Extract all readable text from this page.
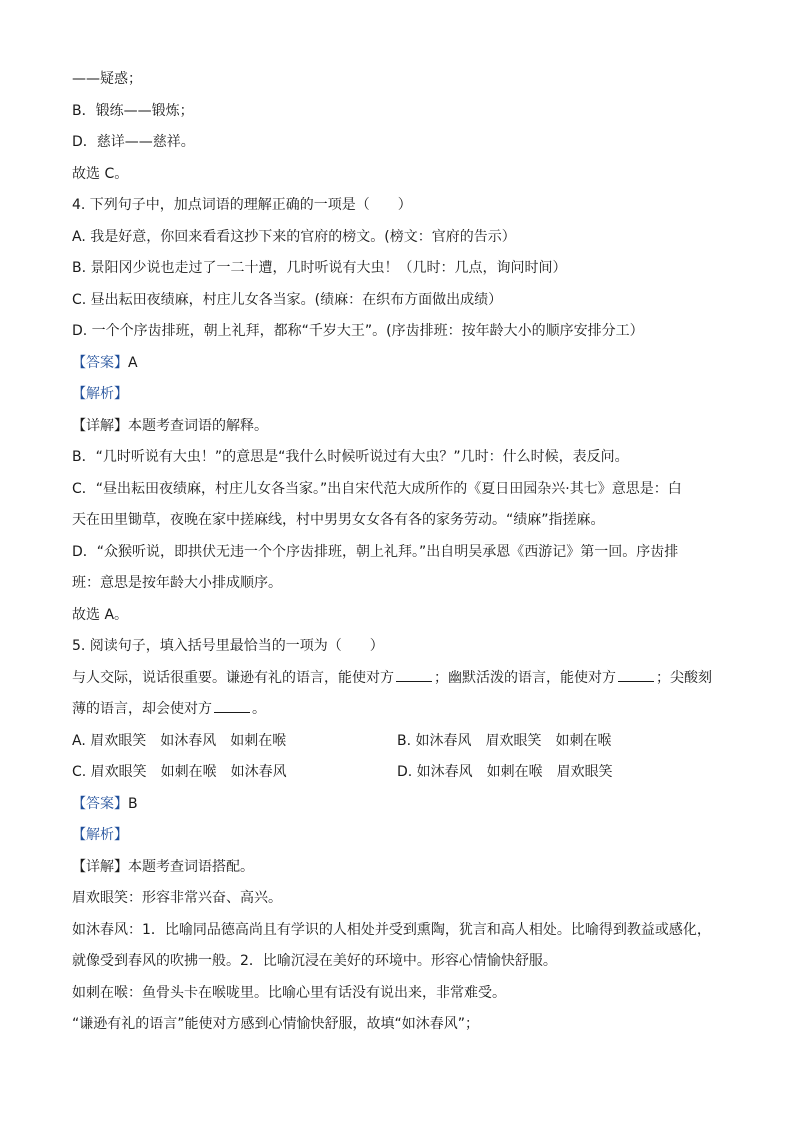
——疑惑；
B．锻练——锻炼；
D．慈详——慈祥。
故选 C。
4. 下列句子中，加点词语的理解正确的一项是（　　）
A. 我是好意，你回来看看这抄下来的官府的榜文。(榜文：官府的告示）
B. 景阳冈少说也走过了一二十遭，几时听说有大虫！（几时：几点，询问时间）
C. 昼出耘田夜绩麻，村庄儿女各当家。(绩麻：在织布方面做出成绩）
D. 一个个序齿排班，朝上礼拜，都称“千岁大王”。(序齿排班：按年龄大小的顺序安排分工）
【答案】A
【解析】
【详解】本题考查词语的解释。
B．“几时听说有大虫！”的意思是“我什么时候听说过有大虫？”几时：什么时候，表反问。
C．“昼出耘田夜绩麻，村庄儿女各当家。”出自宋代范大成所作的《夏日田园杂兴·其七》意思是：白
天在田里锄草，夜晚在家中搓麻线，村中男男女女各有各的家务劳动。“绩麻”指搓麻。
D．“众猴听说，即拱伏无违一个个序齿排班，朝上礼拜。”出自明吴承恩《西游记》第一回。序齿排
班：意思是按年龄大小排成顺序。
故选 A。
5. 阅读句子，填入括号里最恰当的一项为（　　）
与人交际，说话很重要。谦逊有礼的语言，能使对方	；幽默活泼的语言，能使对方	；尖酸刻
薄的语言，却会使对方	。
A. 眉欢眼笑　如沐春风　如刺在喉	B. 如沐春风　眉欢眼笑　如刺在喉
C. 眉欢眼笑　如刺在喉　如沐春风	D. 如沐春风　如刺在喉　眉欢眼笑
【答案】B
【解析】
【详解】本题考查词语搭配。
眉欢眼笑：形容非常兴奋、高兴。
如沐春风：1．比喻同品德高尚且有学识的人相处并受到熏陶，犹言和高人相处。比喻得到教益或感化，
就像受到春风的吹拂一般。2．比喻沉浸在美好的环境中。形容心情愉快舒服。
如刺在喉：鱼骨头卡在喉咙里。比喻心里有话没有说出来，非常难受。
“谦逊有礼的语言”能使对方感到心情愉快舒服，故填“如沐春风”；
